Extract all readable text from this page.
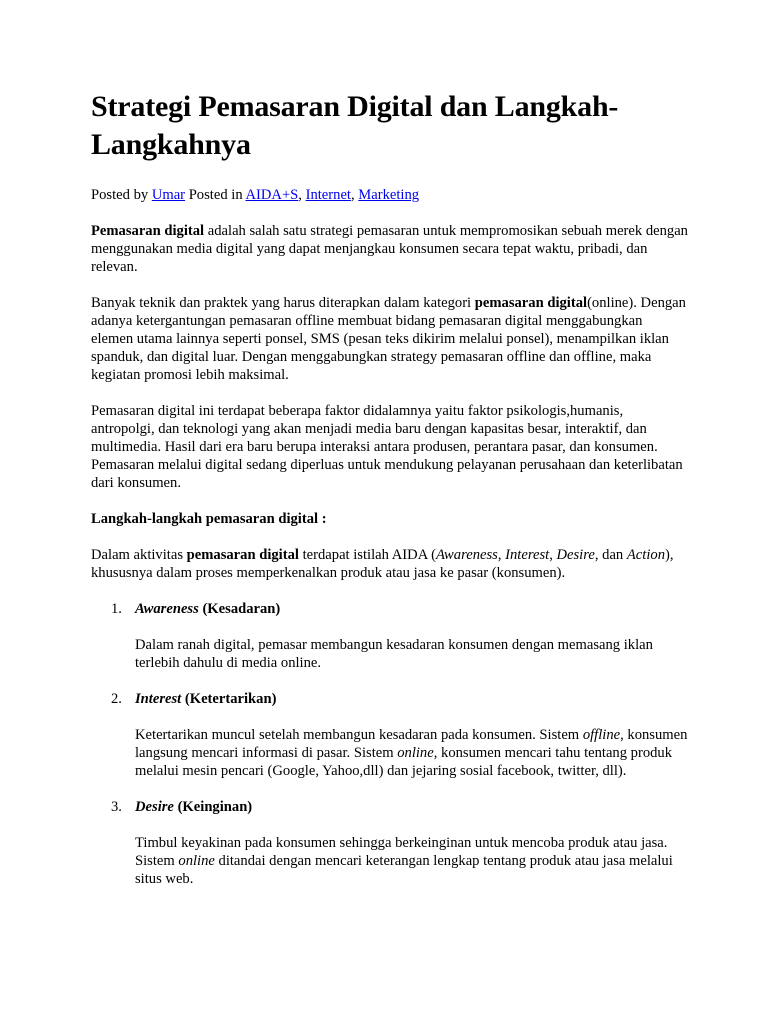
Strategi Pemasaran Digital dan Langkah-Langkahnya

Posted by Umar Posted in AIDA+S, Internet, Marketing

Pemasaran digital adalah salah satu strategi pemasaran untuk mempromosikan sebuah merek dengan menggunakan media digital yang dapat menjangkau konsumen secara tepat waktu, pribadi, dan relevan.

Banyak teknik dan praktek yang harus diterapkan dalam kategori pemasaran digital(online). Dengan adanya ketergantungan pemasaran offline membuat bidang pemasaran digital menggabungkan elemen utama lainnya seperti ponsel, SMS (pesan teks dikirim melalui ponsel), menampilkan iklan spanduk, dan digital luar. Dengan menggabungkan strategy pemasaran offline dan offline, maka kegiatan promosi lebih maksimal.

Pemasaran digital ini terdapat beberapa faktor didalamnya yaitu faktor psikologis,humanis, antropolgi, dan teknologi yang akan menjadi media baru dengan kapasitas besar, interaktif, dan multimedia. Hasil dari era baru berupa interaksi antara produsen, perantara pasar, dan konsumen. Pemasaran melalui digital sedang diperluas untuk mendukung pelayanan perusahaan dan keterlibatan dari konsumen.

Langkah-langkah pemasaran digital :

Dalam aktivitas pemasaran digital terdapat istilah AIDA (Awareness, Interest, Desire, dan Action), khususnya dalam proses memperkenalkan produk atau jasa ke pasar (konsumen).

1. Awareness (Kesadaran)

Dalam ranah digital, pemasar membangun kesadaran konsumen dengan memasang iklan terlebih dahulu di media online.

2. Interest (Ketertarikan)

Ketertarikan muncul setelah membangun kesadaran pada konsumen. Sistem offline, konsumen langsung mencari informasi di pasar. Sistem online, konsumen mencari tahu tentang produk melalui mesin pencari (Google, Yahoo,dll) dan jejaring sosial facebook, twitter, dll).

3. Desire (Keinginan)

Timbul keyakinan pada konsumen sehingga berkeinginan untuk mencoba produk atau jasa. Sistem online ditandai dengan mencari keterangan lengkap tentang produk atau jasa melalui situs web.
